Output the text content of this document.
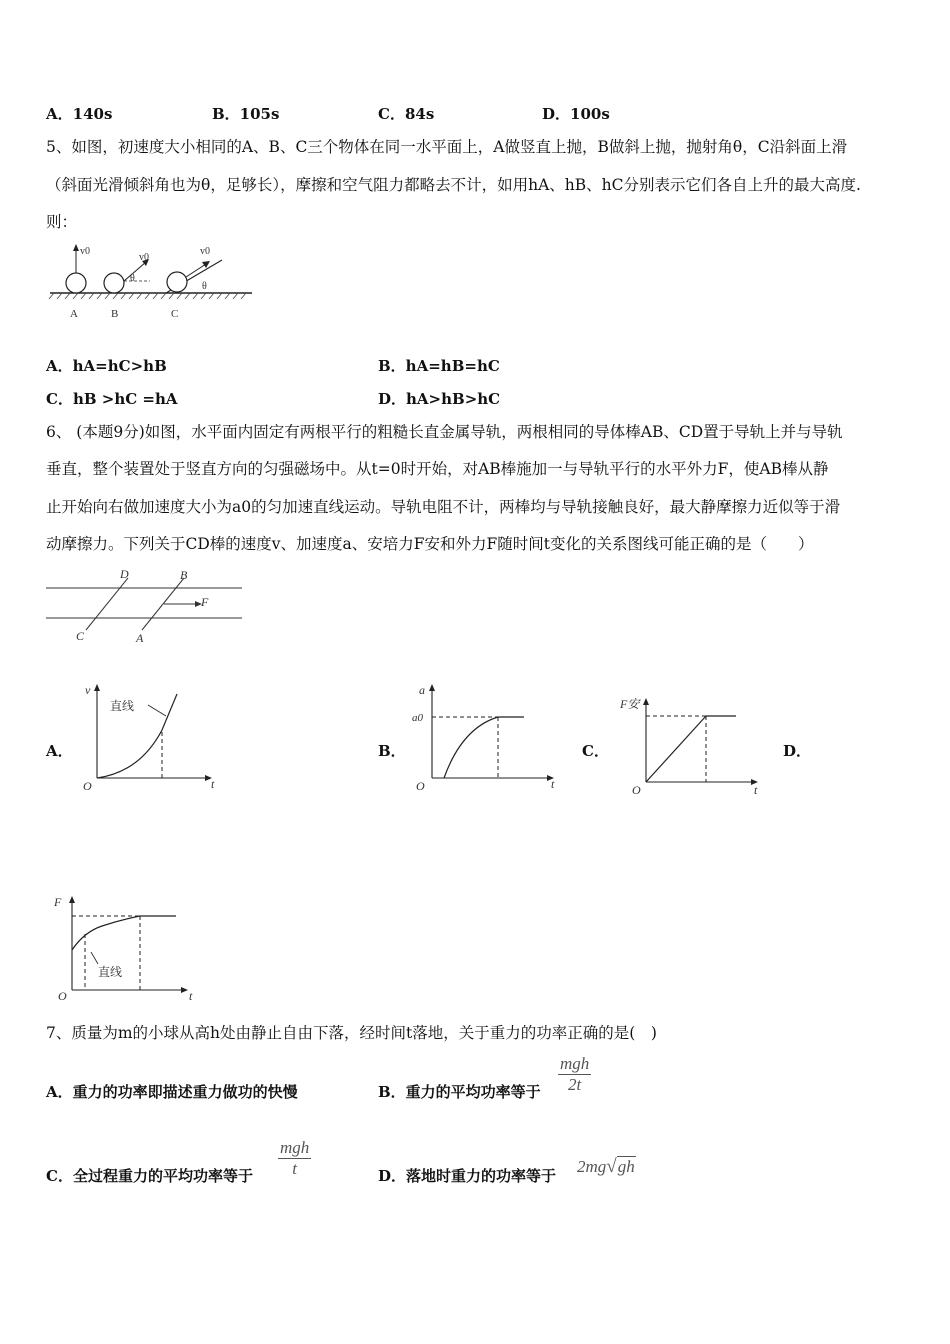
A．140s	B．105s	C．84s	D．100s
5、如图，初速度大小相同的A、B、C三个物体在同一水平面上，A做竖直上抛，B做斜上抛，抛射角θ，C沿斜面上滑
（斜面光滑倾斜角也为θ，足够长），摩擦和空气阻力都略去不计，如用hA、hB、hC分别表示它们各自上升的最大高度.
则：
v0
v0
θ
v0
θ
A	B	C
A．hA=hC>hB	B．hA=hB=hC
C．hB >hC =hA	D．hA>hB>hC
6、 (本题9分)如图，水平面内固定有两根平行的粗糙长直金属导轨，两根相同的导体棒AB、CD置于导轨上并与导轨
垂直，整个装置处于竖直方向的匀强磁场中。从t=0时开始，对AB棒施加一与导轨平行的水平外力F，使AB棒从静
止开始向右做加速度大小为a0的匀加速直线运动。导轨电阻不计，两棒均与导轨接触良好，最大静摩擦力近似等于滑
动摩擦力。下列关于CD棒的速度v、加速度a、安培力F安和外力F随时间t变化的关系图线可能正确的是（　　）
D	B
C	A
F
A．	B．	C．	D．
v
t
O
直线
a
a0
t
O
F安
t
O
F
t
O
直线
7、质量为m的小球从高h处由静止自由下落，经时间t落地，关于重力的功率正确的是(　)
A．重力的功率即描述重力做功的快慢	B．重力的平均功率等于 $\frac{\text{mgh}}{2t}$
C．全过程重力的平均功率等于 $\frac{\text{mgh}}{t}$	D．落地时重力的功率等于 2mg√gh
